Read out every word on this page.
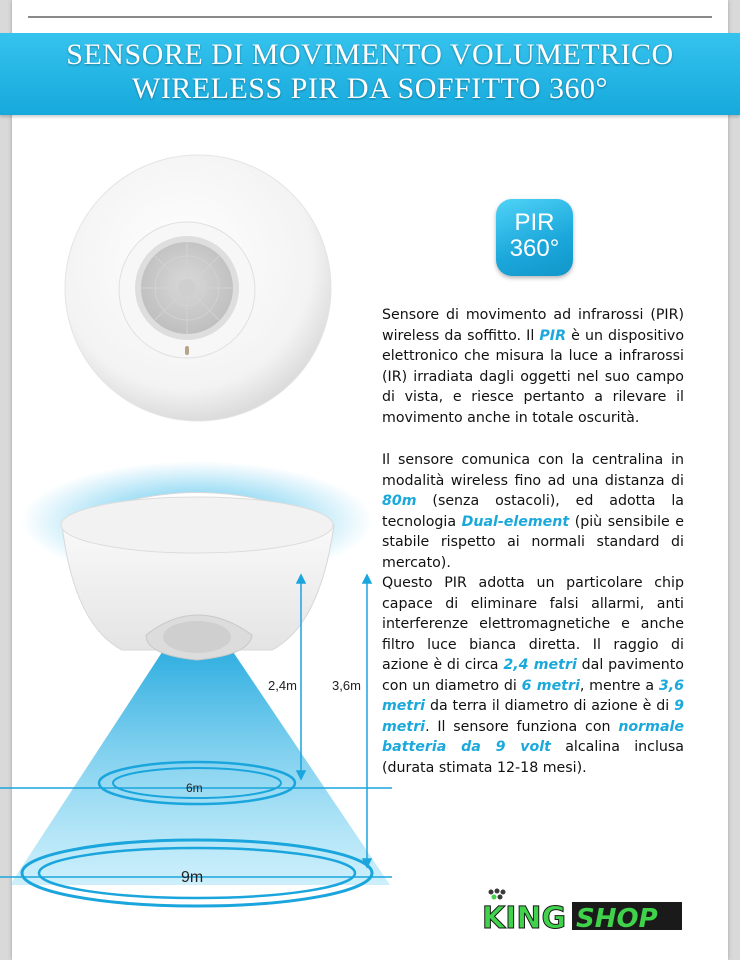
SENSORE DI MOVIMENTO VOLUMETRICO
WIRELESS PIR DA SOFFITTO 360°
PIR
360°
Sensore di movimento ad infrarossi (PIR) wireless da soffitto. Il PIR è un dispositivo elettronico che misura la luce a infrarossi (IR) irradiata dagli oggetti nel suo campo di vista, e riesce pertanto a rilevare il movimento anche in totale oscurità.
Il sensore comunica con la centralina in modalità wireless fino ad una distanza di 80m (senza ostacoli), ed adotta la tecnologia Dual-element (più sensibile e stabile rispetto ai normali standard di mercato).
Questo PIR adotta un particolare chip capace di eliminare falsi allarmi, anti interferenze elettromagnetiche e anche filtro luce bianca diretta. Il raggio di azione è di circa 2,4 metri dal pavimento con un diametro di 6 metri, mentre a 3,6 metri da terra il diametro di azione è di 9 metri. Il sensore funziona con normale batteria da 9 volt alcalina inclusa (durata stimata 12-18 mesi).
2,4m	3,6m
6m
9m
KING SHOP
